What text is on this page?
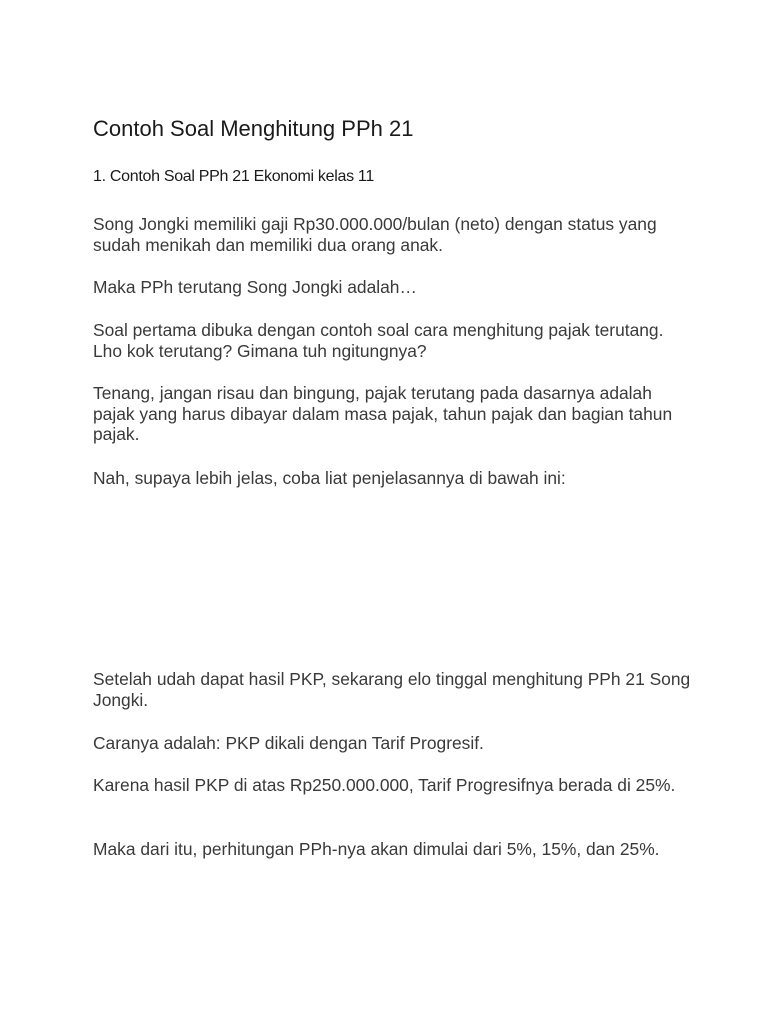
Contoh Soal Menghitung PPh 21
1. Contoh Soal PPh 21 Ekonomi kelas 11

Song Jongki memiliki gaji Rp30.000.000/bulan (neto) dengan status yang sudah menikah dan memiliki dua orang anak.

Maka PPh terutang Song Jongki adalah…

Soal pertama dibuka dengan contoh soal cara menghitung pajak terutang. Lho kok terutang? Gimana tuh ngitungnya?

Tenang, jangan risau dan bingung, pajak terutang pada dasarnya adalah pajak yang harus dibayar dalam masa pajak, tahun pajak dan bagian tahun pajak.

Nah, supaya lebih jelas, coba liat penjelasannya di bawah ini:

Setelah udah dapat hasil PKP, sekarang elo tinggal menghitung PPh 21 Song Jongki.

Caranya adalah: PKP dikali dengan Tarif Progresif.

Karena hasil PKP di atas Rp250.000.000, Tarif Progresifnya berada di 25%.

Maka dari itu, perhitungan PPh-nya akan dimulai dari 5%, 15%, dan 25%.
